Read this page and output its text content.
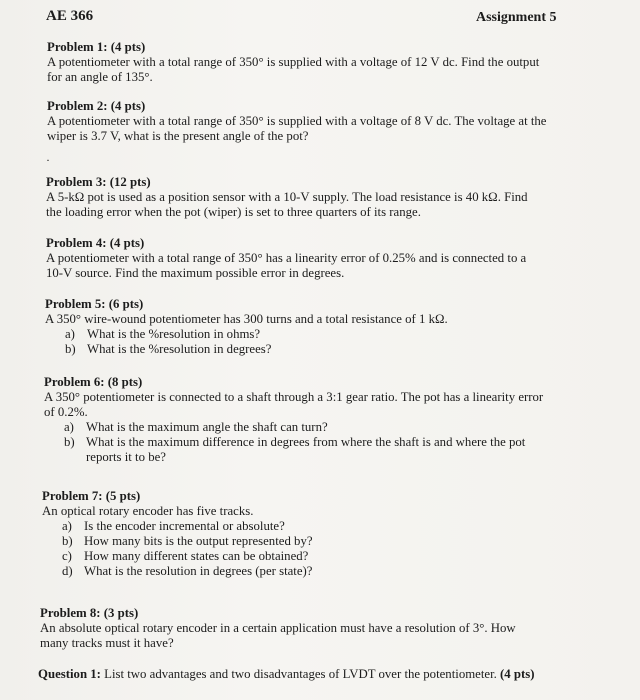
AE 366	Assignment 5
Problem 1: (4 pts)
A potentiometer with a total range of 350° is supplied with a voltage of 12 V dc. Find the output
for an angle of 135°.
Problem 2: (4 pts)
A potentiometer with a total range of 350° is supplied with a voltage of 8 V dc. The voltage at the
wiper is 3.7 V, what is the present angle of the pot?
·
Problem 3: (12 pts)
A 5-kΩ pot is used as a position sensor with a 10-V supply. The load resistance is 40 kΩ. Find
the loading error when the pot (wiper) is set to three quarters of its range.
Problem 4: (4 pts)
A potentiometer with a total range of 350° has a linearity error of 0.25% and is connected to a
10-V source. Find the maximum possible error in degrees.
Problem 5: (6 pts)
A 350° wire-wound potentiometer has 300 turns and a total resistance of 1 kΩ.
a) What is the %resolution in ohms?
b) What is the %resolution in degrees?
Problem 6: (8 pts)
A 350° potentiometer is connected to a shaft through a 3:1 gear ratio. The pot has a linearity error
of 0.2%.
a) What is the maximum angle the shaft can turn?
b) What is the maximum difference in degrees from where the shaft is and where the pot
reports it to be?
Problem 7: (5 pts)
An optical rotary encoder has five tracks.
a) Is the encoder incremental or absolute?
b) How many bits is the output represented by?
c) How many different states can be obtained?
d) What is the resolution in degrees (per state)?
Problem 8: (3 pts)
An absolute optical rotary encoder in a certain application must have a resolution of 3°. How
many tracks must it have?
Question 1: List two advantages and two disadvantages of LVDT over the potentiometer. (4 pts)
